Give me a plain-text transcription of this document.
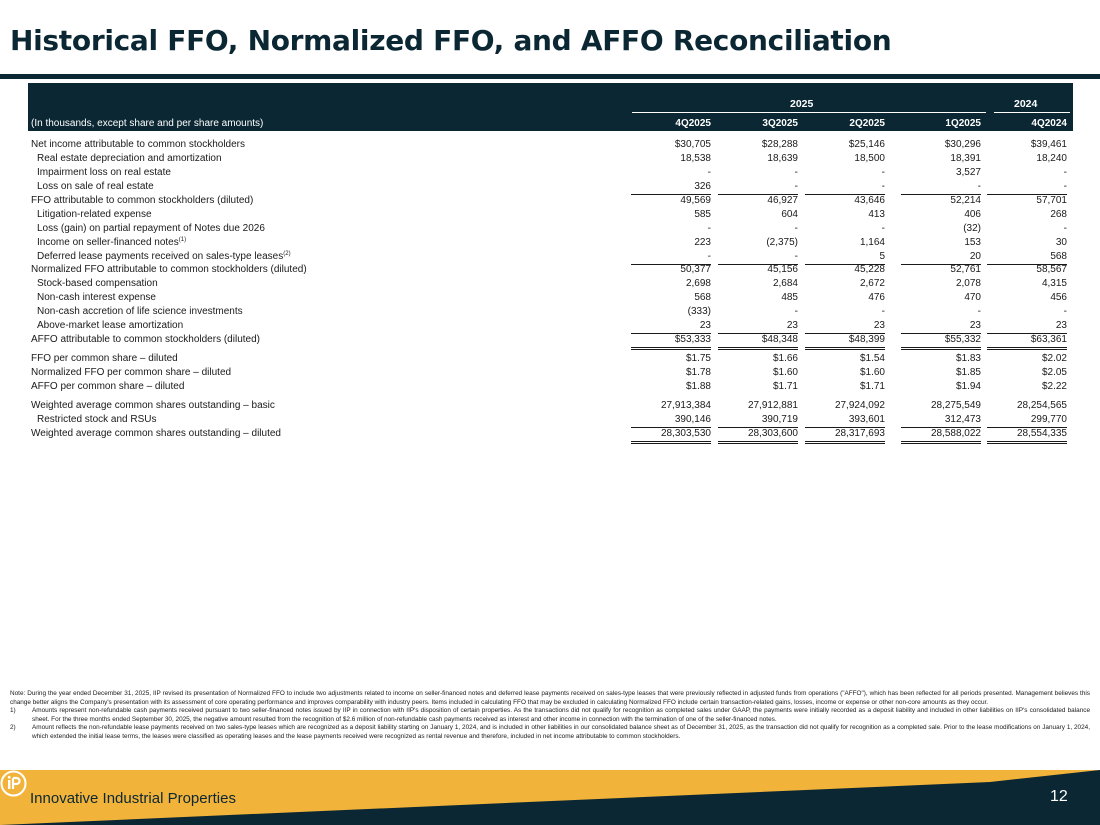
Historical FFO, Normalized FFO, and AFFO Reconciliation
2025	2024
(In thousands, except share and per share amounts)	4Q2025	3Q2025	2Q2025	1Q2025	4Q2024
Net income attributable to common stockholders	$30,705	$28,288	$25,146	$30,296	$39,461
Real estate depreciation and amortization	18,538	18,639	18,500	18,391	18,240
Impairment loss on real estate	-	-	-	3,527	-
Loss on sale of real estate	326	-	-	-	-
FFO attributable to common stockholders (diluted)	49,569	46,927	43,646	52,214	57,701
Litigation-related expense	585	604	413	406	268
Loss (gain) on partial repayment of Notes due 2026	-	-	-	(32)	-
Income on seller-financed notes$^{(1)}$	223	(2,375)	1,164	153	30
Deferred lease payments received on sales-type leases$^{(2)}$	-	-	5	20	568
Normalized FFO attributable to common stockholders (diluted)	50,377	45,156	45,228	52,761	58,567
Stock-based compensation	2,698	2,684	2,672	2,078	4,315
Non-cash interest expense	568	485	476	470	456
Non-cash accretion of life science investments	(333)	-	-	-	-
Above-market lease amortization	23	23	23	23	23
AFFO attributable to common stockholders (diluted)	$53,333	$48,348	$48,399	$55,332	$63,361
FFO per common share – diluted	$1.75	$1.66	$1.54	$1.83	$2.02
Normalized FFO per common share – diluted	$1.78	$1.60	$1.60	$1.85	$2.05
AFFO per common share – diluted	$1.88	$1.71	$1.71	$1.94	$2.22
Weighted average common shares outstanding – basic	27,913,384	27,912,881	27,924,092	28,275,549	28,254,565
Restricted stock and RSUs	390,146	390,719	393,601	312,473	299,770
Weighted average common shares outstanding – diluted	28,303,530	28,303,600	28,317,693	28,588,022	28,554,335
Note: During the year ended December 31, 2025, IIP revised its presentation of Normalized FFO to include two adjustments related to income on seller-financed notes and deferred lease payments received on sales-type leases that were previously reflected in adjusted funds from operations ("AFFO"), which has been reflected for all periods presented. Management believes this change better aligns the Company's presentation with its assessment of core operating performance and improves comparability with industry peers. Items included in calculating FFO that may be excluded in calculating Normalized FFO include certain transaction-related gains, losses, income or expense or other non-core amounts as they occur.
1)	Amounts represent non-refundable cash payments received pursuant to two seller-financed notes issued by IIP in connection with IIP's disposition of certain properties. As the transactions did not qualify for recognition as completed sales under GAAP, the payments were initially recorded as a deposit liability and included in other liabilities on IIP's consolidated balance sheet. For the three months ended September 30, 2025, the negative amount resulted from the recognition of $2.6 million of non-refundable cash payments received as interest and other income in connection with the termination of one of the seller-financed notes.
2)	Amount reflects the non-refundable lease payments received on two sales-type leases which are recognized as a deposit liability starting on January 1, 2024, and is included in other liabilities in our consolidated balance sheet as of December 31, 2025, as the transaction did not qualify for recognition as a completed sale. Prior to the lease modifications on January 1, 2024, which extended the initial lease terms, the leases were classified as operating leases and the lease payments received were recognized as rental revenue and therefore, included in net income attributable to common stockholders.
Innovative Industrial Properties	12
